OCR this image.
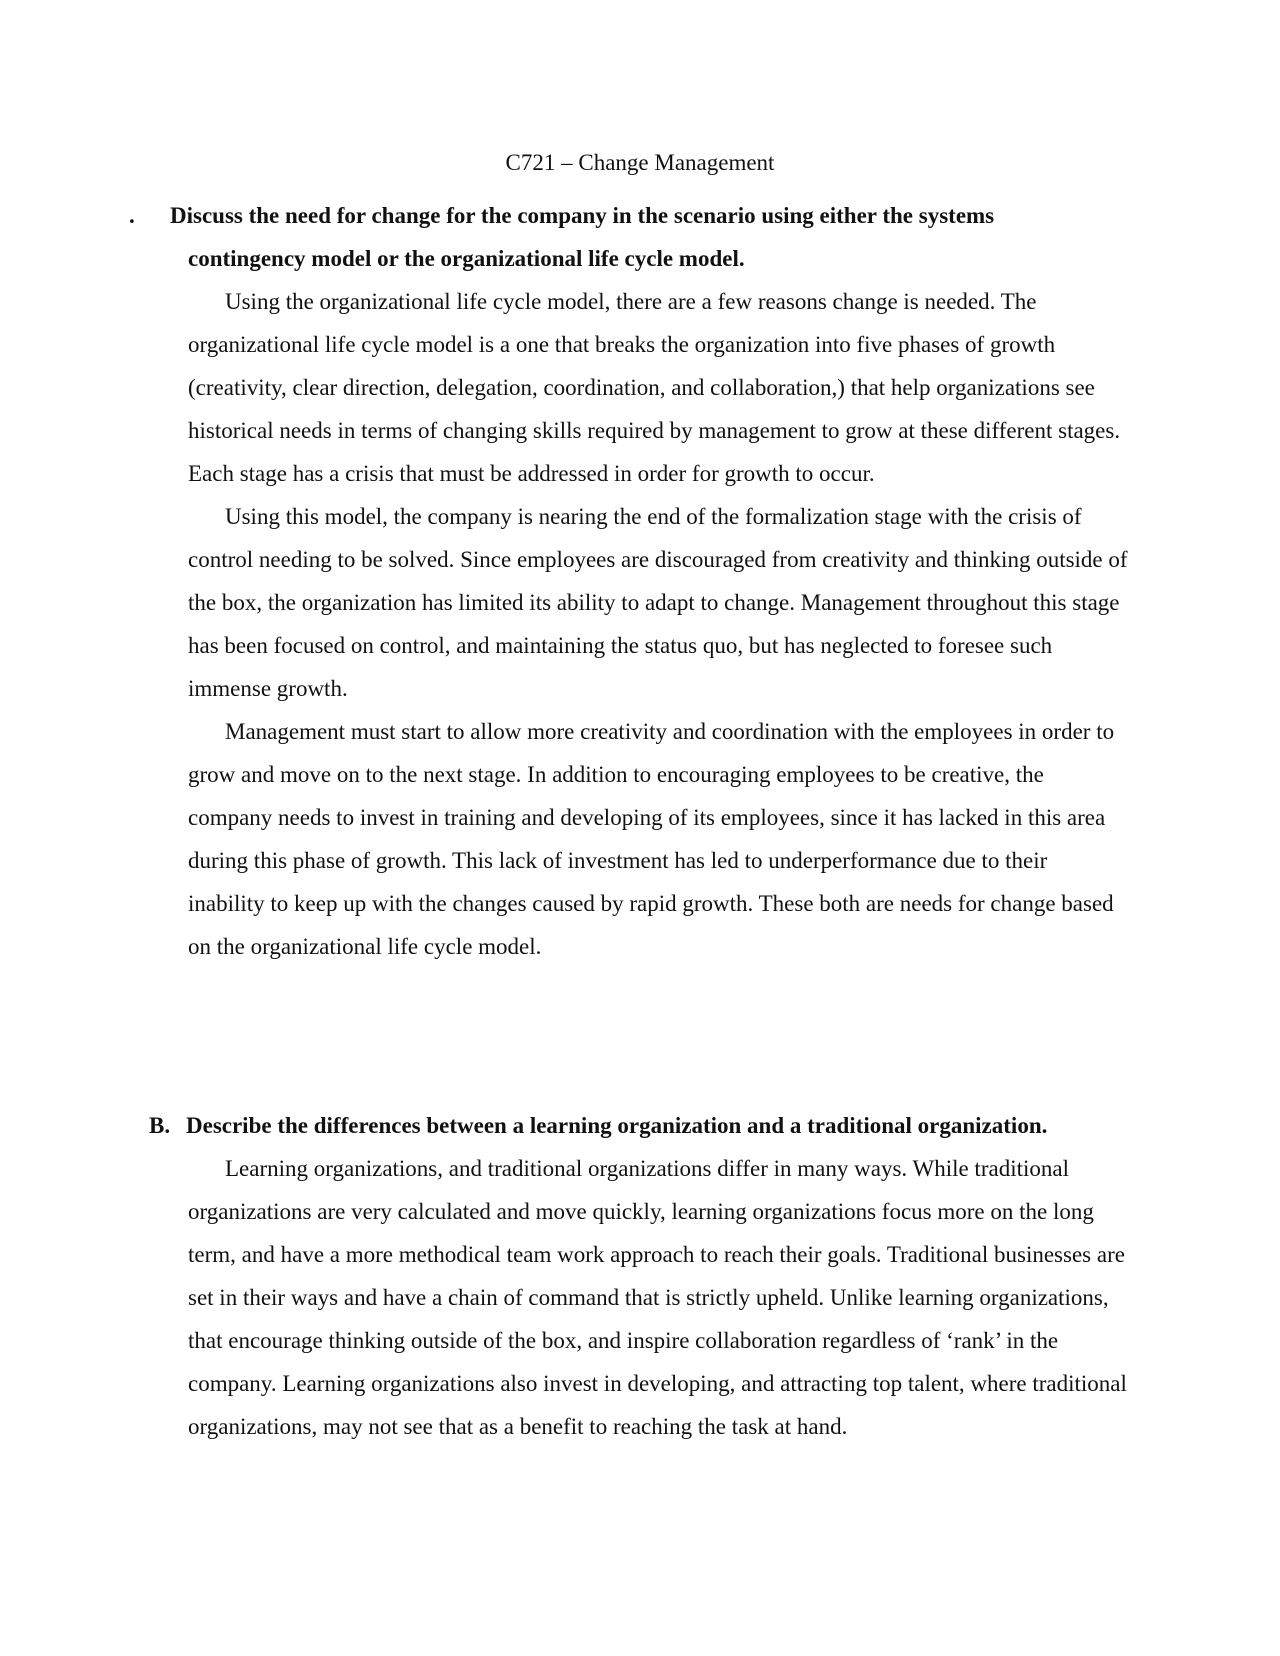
C721 – Change Management

.	Discuss the need for change for the company in the scenario using either the systems contingency model or the organizational life cycle model.

Using the organizational life cycle model, there are a few reasons change is needed. The organizational life cycle model is a one that breaks the organization into five phases of growth (creativity, clear direction, delegation, coordination, and collaboration,) that help organizations see historical needs in terms of changing skills required by management to grow at these different stages. Each stage has a crisis that must be addressed in order for growth to occur.

Using this model, the company is nearing the end of the formalization stage with the crisis of control needing to be solved. Since employees are discouraged from creativity and thinking outside of the box, the organization has limited its ability to adapt to change. Management throughout this stage has been focused on control, and maintaining the status quo, but has neglected to foresee such immense growth.

Management must start to allow more creativity and coordination with the employees in order to grow and move on to the next stage. In addition to encouraging employees to be creative, the company needs to invest in training and developing of its employees, since it has lacked in this area during this phase of growth. This lack of investment has led to underperformance due to their inability to keep up with the changes caused by rapid growth. These both are needs for change based on the organizational life cycle model.

B. Describe the differences between a learning organization and a traditional organization.

Learning organizations, and traditional organizations differ in many ways. While traditional organizations are very calculated and move quickly, learning organizations focus more on the long term, and have a more methodical team work approach to reach their goals. Traditional businesses are set in their ways and have a chain of command that is strictly upheld. Unlike learning organizations, that encourage thinking outside of the box, and inspire collaboration regardless of ‘rank’ in the company. Learning organizations also invest in developing, and attracting top talent, where traditional organizations, may not see that as a benefit to reaching the task at hand.
